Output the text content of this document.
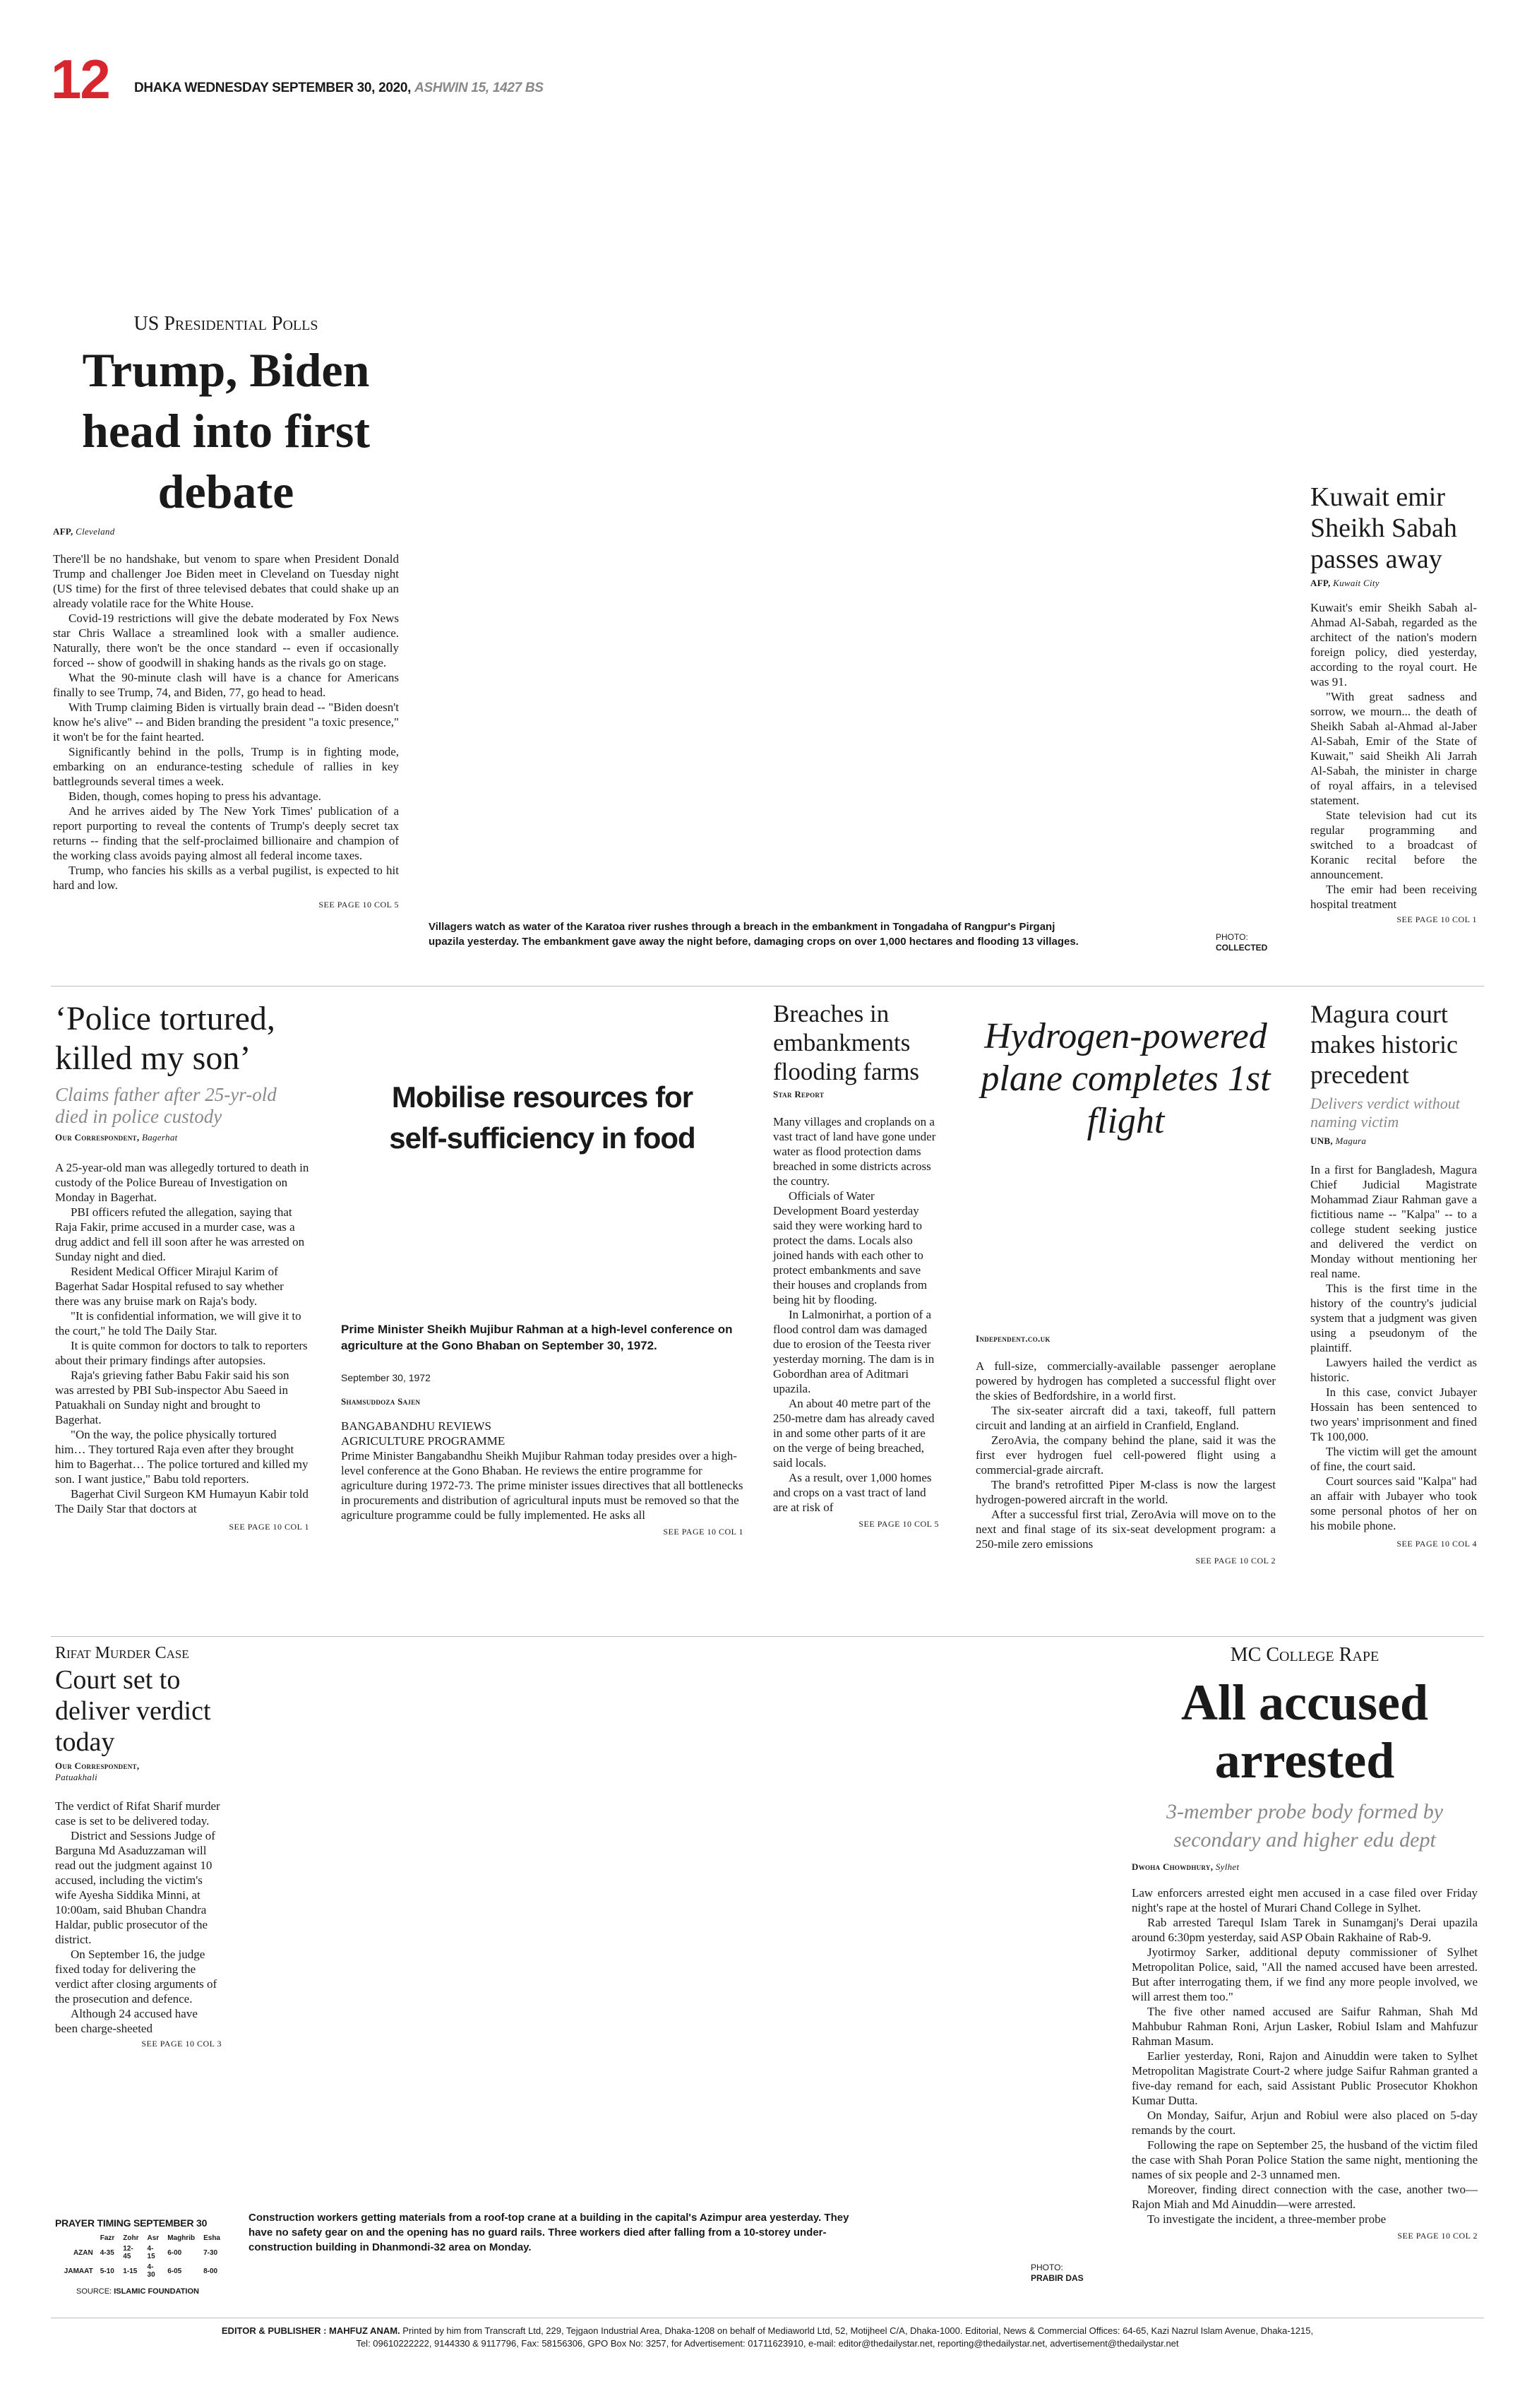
12 DHAKA WEDNESDAY SEPTEMBER 30, 2020, ASHWIN 15, 1427 BS
US Presidential Polls
Trump, Biden head into first debate
AFP, Cleveland

There'll be no handshake, but venom to spare when President Donald Trump and challenger Joe Biden meet in Cleveland on Tuesday night (US time) for the first of three televised debates that could shake up an already volatile race for the White House.

Covid-19 restrictions will give the debate moderated by Fox News star Chris Wallace a streamlined look with a smaller audience. Naturally, there won't be the once standard -- even if occasionally forced -- show of goodwill in shaking hands as the rivals go on stage.

What the 90-minute clash will have is a chance for Americans finally to see Trump, 74, and Biden, 77, go head to head.

With Trump claiming Biden is virtually brain dead -- "Biden doesn't know he's alive" -- and Biden branding the president "a toxic presence," it won't be for the faint hearted.

Significantly behind in the polls, Trump is in fighting mode, embarking on an endurance-testing schedule of rallies in key battlegrounds several times a week.

Biden, though, comes hoping to press his advantage.

And he arrives aided by The New York Times' publication of a report purporting to reveal the contents of Trump's deeply secret tax returns -- finding that the self-proclaimed billionaire and champion of the working class avoids paying almost all federal income taxes.

Trump, who fancies his skills as a verbal pugilist, is expected to hit hard and low.

SEE PAGE 10 COL 5
Villagers watch as water of the Karatoa river rushes through a breach in the embankment in Tongadaha of Rangpur's Pirganj upazila yesterday. The embankment gave away the night before, damaging crops on over 1,000 hectares and flooding 13 villages.	PHOTO:
COLLECTED
Kuwait emir Sheikh Sabah passes away
AFP, Kuwait City

Kuwait's emir Sheikh Sabah al-Ahmad Al-Sabah, regarded as the architect of the nation's modern foreign policy, died yesterday, according to the royal court. He was 91.

"With great sadness and sorrow, we mourn... the death of Sheikh Sabah al-Ahmad al-Jaber Al-Sabah, Emir of the State of Kuwait," said Sheikh Ali Jarrah Al-Sabah, the minister in charge of royal affairs, in a televised statement.

State television had cut its regular programming and switched to a broadcast of Koranic recital before the announcement.

The emir had been receiving hospital treatment

SEE PAGE 10 COL 1
‘Police tortured, killed my son’
Claims father after 25-yr-old died in police custody
Our Correspondent, Bagerhat

A 25-year-old man was allegedly tortured to death in custody of the Police Bureau of Investigation on Monday in Bagerhat.

PBI officers refuted the allegation, saying that Raja Fakir, prime accused in a murder case, was a drug addict and fell ill soon after he was arrested on Sunday night and died.

Resident Medical Officer Mirajul Karim of Bagerhat Sadar Hospital refused to say whether there was any bruise mark on Raja's body.

"It is confidential information, we will give it to the court," he told The Daily Star.

It is quite common for doctors to talk to reporters about their primary findings after autopsies.

Raja's grieving father Babu Fakir said his son was arrested by PBI Sub-inspector Abu Saeed in Patuakhali on Sunday night and brought to Bagerhat.

"On the way, the police physically tortured him… They tortured Raja even after they brought him to Bagerhat… The police tortured and killed my son. I want justice," Babu told reporters.

Bagerhat Civil Surgeon KM Humayun Kabir told The Daily Star that doctors at

SEE PAGE 10 COL 1
Mobilise resources for self-sufficiency in food
Prime Minister Sheikh Mujibur Rahman at a high-level conference on agriculture at the Gono Bhaban on September 30, 1972.
September 30, 1972
Shamsuddoza Sajen
BANGABANDHU REVIEWS AGRICULTURE PROGRAMME

Prime Minister Bangabandhu Sheikh Mujibur Rahman today presides over a high-level conference at the Gono Bhaban. He reviews the entire programme for agriculture during 1972-73. The prime minister issues directives that all bottlenecks in procurements and distribution of agricultural inputs must be removed so that the agriculture programme could be fully implemented. He asks all

SEE PAGE 10 COL 1
Breaches in embankments flooding farms
Star Report

Many villages and croplands on a vast tract of land have gone under water as flood protection dams breached in some districts across the country.

Officials of Water Development Board yesterday said they were working hard to protect the dams. Locals also joined hands with each other to protect embankments and save their houses and croplands from being hit by flooding.

In Lalmonirhat, a portion of a flood control dam was damaged due to erosion of the Teesta river yesterday morning. The dam is in Gobordhan area of Aditmari upazila.

An about 40 metre part of the 250-metre dam has already caved in and some other parts of it are on the verge of being breached, said locals.

As a result, over 1,000 homes and crops on a vast tract of land are at risk of

SEE PAGE 10 COL 5
Hydrogen-powered plane completes 1st flight
Independent.co.uk

A full-size, commercially-available passenger aeroplane powered by hydrogen has completed a successful flight over the skies of Bedfordshire, in a world first.

The six-seater aircraft did a taxi, takeoff, full pattern circuit and landing at an airfield in Cranfield, England.

ZeroAvia, the company behind the plane, said it was the first ever hydrogen fuel cell-powered flight using a commercial-grade aircraft.

The brand's retrofitted Piper M-class is now the largest hydrogen-powered aircraft in the world.

After a successful first trial, ZeroAvia will move on to the next and final stage of its six-seat development program: a 250-mile zero emissions

SEE PAGE 10 COL 2
Magura court makes historic precedent
Delivers verdict without naming victim
UNB, Magura

In a first for Bangladesh, Magura Chief Judicial Magistrate Mohammad Ziaur Rahman gave a fictitious name -- "Kalpa" -- to a college student seeking justice and delivered the verdict on Monday without mentioning her real name.

This is the first time in the history of the country's judicial system that a judgment was given using a pseudonym of the plaintiff.

Lawyers hailed the verdict as historic.

In this case, convict Jubayer Hossain has been sentenced to two years' imprisonment and fined Tk 100,000.

The victim will get the amount of fine, the court said.

Court sources said "Kalpa" had an affair with Jubayer who took some personal photos of her on his mobile phone.

SEE PAGE 10 COL 4
Rifat Murder Case
Court set to deliver verdict today
Our Correspondent,
Patuakhali

The verdict of Rifat Sharif murder case is set to be delivered today.

District and Sessions Judge of Barguna Md Asaduzzaman will read out the judgment against 10 accused, including the victim's wife Ayesha Siddika Minni, at 10:00am, said Bhuban Chandra Haldar, public prosecutor of the district.

On September 16, the judge fixed today for delivering the verdict after closing arguments of the prosecution and defence.

Although 24 accused have been charge-sheeted

SEE PAGE 10 COL 3
MC College Rape
All accused arrested
3-member probe body formed by secondary and higher edu dept
Dwoha Chowdhury, Sylhet

Law enforcers arrested eight men accused in a case filed over Friday night's rape at the hostel of Murari Chand College in Sylhet.

Rab arrested Tarequl Islam Tarek in Sunamganj's Derai upazila around 6:30pm yesterday, said ASP Obain Rakhaine of Rab-9.

Jyotirmoy Sarker, additional deputy commissioner of Sylhet Metropolitan Police, said, "All the named accused have been arrested. But after interrogating them, if we find any more people involved, we will arrest them too."

The five other named accused are Saifur Rahman, Shah Md Mahbubur Rahman Roni, Arjun Lasker, Robiul Islam and Mahfuzur Rahman Masum.

Earlier yesterday, Roni, Rajon and Ainuddin were taken to Sylhet Metropolitan Magistrate Court-2 where judge Saifur Rahman granted a five-day remand for each, said Assistant Public Prosecutor Khokhon Kumar Dutta.

On Monday, Saifur, Arjun and Robiul were also placed on 5-day remands by the court.

Following the rape on September 25, the husband of the victim filed the case with Shah Poran Police Station the same night, mentioning the names of six people and 2-3 unnamed men.

Moreover, finding direct connection with the case, another two—Rajon Miah and Md Ainuddin—were arrested.

To investigate the incident, a three-member probe

SEE PAGE 10 COL 2
PRAYER TIMING SEPTEMBER 30
	Fazr	Zohr	Asr	Maghrib	Esha
AZAN	4-35	12-45	4-15	6-00	7-30
JAMAAT	5-10	1-15	4-30	6-05	8-00
SOURCE: ISLAMIC FOUNDATION
Construction workers getting materials from a roof-top crane at a building in the capital's Azimpur area yesterday. They have no safety gear on and the opening has no guard rails. Three workers died after falling from a 10-storey under-construction building in Dhanmondi-32 area on Monday.
PHOTO:
PRABIR DAS
EDITOR & PUBLISHER : MAHFUZ ANAM. Printed by him from Transcraft Ltd, 229, Tejgaon Industrial Area, Dhaka-1208 on behalf of Mediaworld Ltd, 52, Motijheel C/A, Dhaka-1000. Editorial, News & Commercial Offices: 64-65, Kazi Nazrul Islam Avenue, Dhaka-1215,
Tel: 09610222222, 9144330 & 9117796, Fax: 58156306, GPO Box No: 3257, for Advertisement: 01711623910, e-mail: editor@thedailystar.net, reporting@thedailystar.net, advertisement@thedailystar.net
